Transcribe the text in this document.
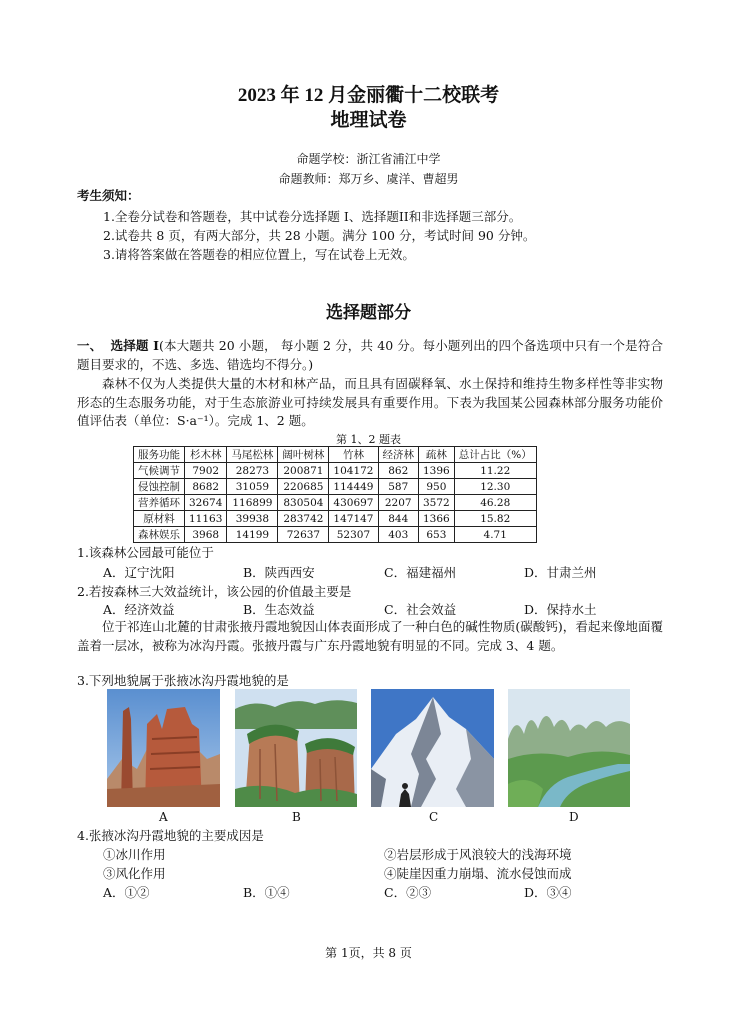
2023 年 12 月金丽衢十二校联考
地理试卷
命题学校：浙江省浦江中学
命题教师：郑万乡、虞洋、曹超男
考生须知：
1.全卷分试卷和答题卷，其中试卷分选择题 I、选择题II和非选择题三部分。
2.试卷共 8 页，有两大部分，共 28 小题。满分 100 分，考试时间 90 分钟。
3.请将答案做在答题卷的相应位置上，写在试卷上无效。
选择题部分
一、 选择题 I(本大题共 20 小题， 每小题 2 分，共 40 分。每小题列出的四个备选项中只有一个是符合题目要求的，不选、多选、错选均不得分。)
森林不仅为人类提供大量的木材和林产品，而且具有固碳释氧、水土保持和维持生物多样性等非实物形态的生态服务功能，对于生态旅游业可持续发展具有重要作用。下表为我国某公园森林部分服务功能价值评估表（单位：S·a⁻¹）。完成 1、2 题。
第 1、2 题表
服务功能	杉木林	马尾松林	阔叶树林	竹林	经济林	疏林	总计占比（%）
气候调节	7902	28273	200871	104172	862	1396	11.22
侵蚀控制	8682	31059	220685	114449	587	950	12.30
营养循环	32674	116899	830504	430697	2207	3572	46.28
原材料	11163	39938	283742	147147	844	1366	15.82
森林娱乐	3968	14199	72637	52307	403	653	4.71
1.该森林公园最可能位于
A．辽宁沈阳	B．陕西西安	C．福建福州	D．甘肃兰州
2.若按森林三大效益统计，该公园的价值最主要是
A．经济效益	B．生态效益	C．社会效益	D．保持水土
位于祁连山北麓的甘肃张掖丹霞地貌因山体表面形成了一种白色的碱性物质(碳酸钙)，看起来像地面覆盖着一层冰，被称为冰沟丹霞。张掖丹霞与广东丹霞地貌有明显的不同。完成 3、4 题。
3.下列地貌属于张掖冰沟丹霞地貌的是
A	B	C	D
4.张掖冰沟丹霞地貌的主要成因是
①冰川作用	②岩层形成于风浪较大的浅海环境
③风化作用	④陡崖因重力崩塌、流水侵蚀而成
A．①②	B．①④	C．②③	D．③④
第 1页，共 8 页
